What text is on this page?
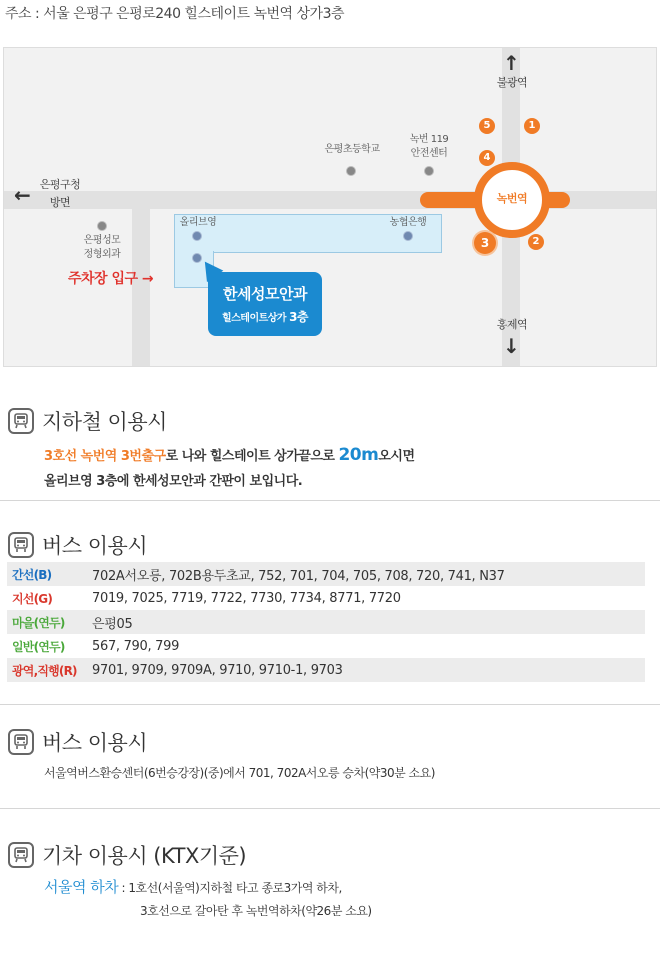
주소 : 서울 은평구 은평로240 힐스테이트 녹번역 상가3층
녹번역
1
5
4
2
3
↑
불광역
홍제역
↓
← 은평구청
방면
은평초등학교
녹번 119
안전센터
은평성모
정형외과
올리브영	농협은행
주차장 입구 →
한세성모안과
힐스테이트상가 3층
지하철 이용시
3호선 녹번역 3번출구로 나와 힐스테이트 상가끝으로 20m오시면
올리브영 3층에 한세성모안과 간판이 보입니다.
버스 이용시
간선(B)	702A서오릉, 702B용두초교, 752, 701, 704, 705, 708, 720, 741, N37
지선(G)	7019, 7025, 7719, 7722, 7730, 7734, 8771, 7720
마을(연두)	은평05
일반(연두)	567, 790, 799
광역,직행(R)	9701, 9709, 9709A, 9710, 9710-1, 9703
버스 이용시
서울역버스환승센터(6번승강장)(중)에서 701, 702A서오릉 승차(약30분 소요)
기차 이용시 (KTX기준)
서울역 하차 : 1호선(서울역)지하철 타고 종로3가역 하차,
3호선으로 갈아탄 후 녹번역하차(약26분 소요)
